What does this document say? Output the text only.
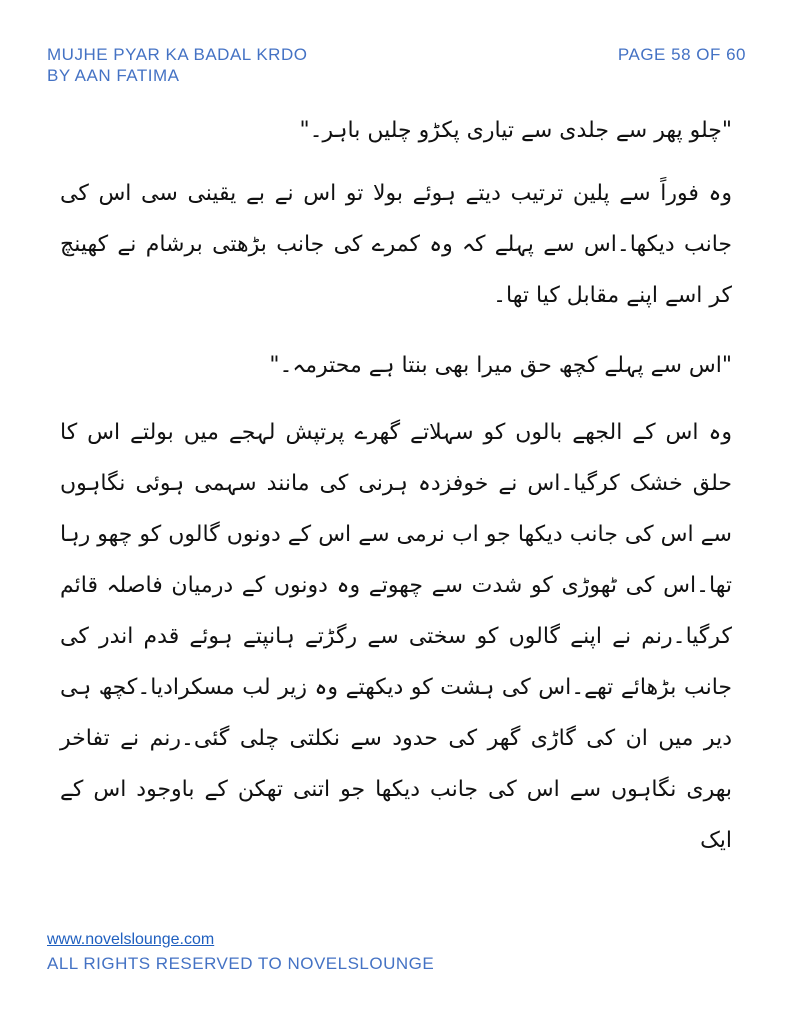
MUJHE PYAR KA BADAL KRDO
BY AAN FATIMA
PAGE 58 OF 60

"چلو پھر سے جلدی سے تیاری پکڑو چلیں باہر۔"

وہ فوراً سے پلین ترتیب دیتے ہوئے بولا تو اس نے بے یقینی سی اس کی جانب دیکھا۔اس سے پہلے کہ وہ کمرے کی جانب بڑھتی برشام نے کھینچ کر اسے اپنے مقابل کیا تھا۔

"اس سے پہلے کچھ حق میرا بھی بنتا ہے محترمہ۔"

وہ اس کے الجھے بالوں کو سہلاتے گھرے پرتپش لہجے میں بولتے اس کا حلق خشک کرگیا۔اس نے خوفزدہ ہرنی کی مانند سہمی ہوئی نگاہوں سے اس کی جانب دیکھا جو اب نرمی سے اس کے دونوں گالوں کو چھو رہا تھا۔اس کی ٹھوڑی کو شدت سے چھوتے وہ دونوں کے درمیان فاصلہ قائم کرگیا۔رنم نے اپنے گالوں کو سختی سے رگڑتے ہانپتے ہوئے قدم اندر کی جانب بڑھائے تھے۔اس کی ہشت کو دیکھتے وہ زیر لب مسکرادیا۔کچھ ہی دیر میں ان کی گاڑی گھر کی حدود سے نکلتی چلی گئی۔رنم نے تفاخر بھری نگاہوں سے اس کی جانب دیکھا جو اتنی تھکن کے باوجود اس کے ایک

www.novelslounge.com
ALL RIGHTS RESERVED TO NOVELSLOUNGE
